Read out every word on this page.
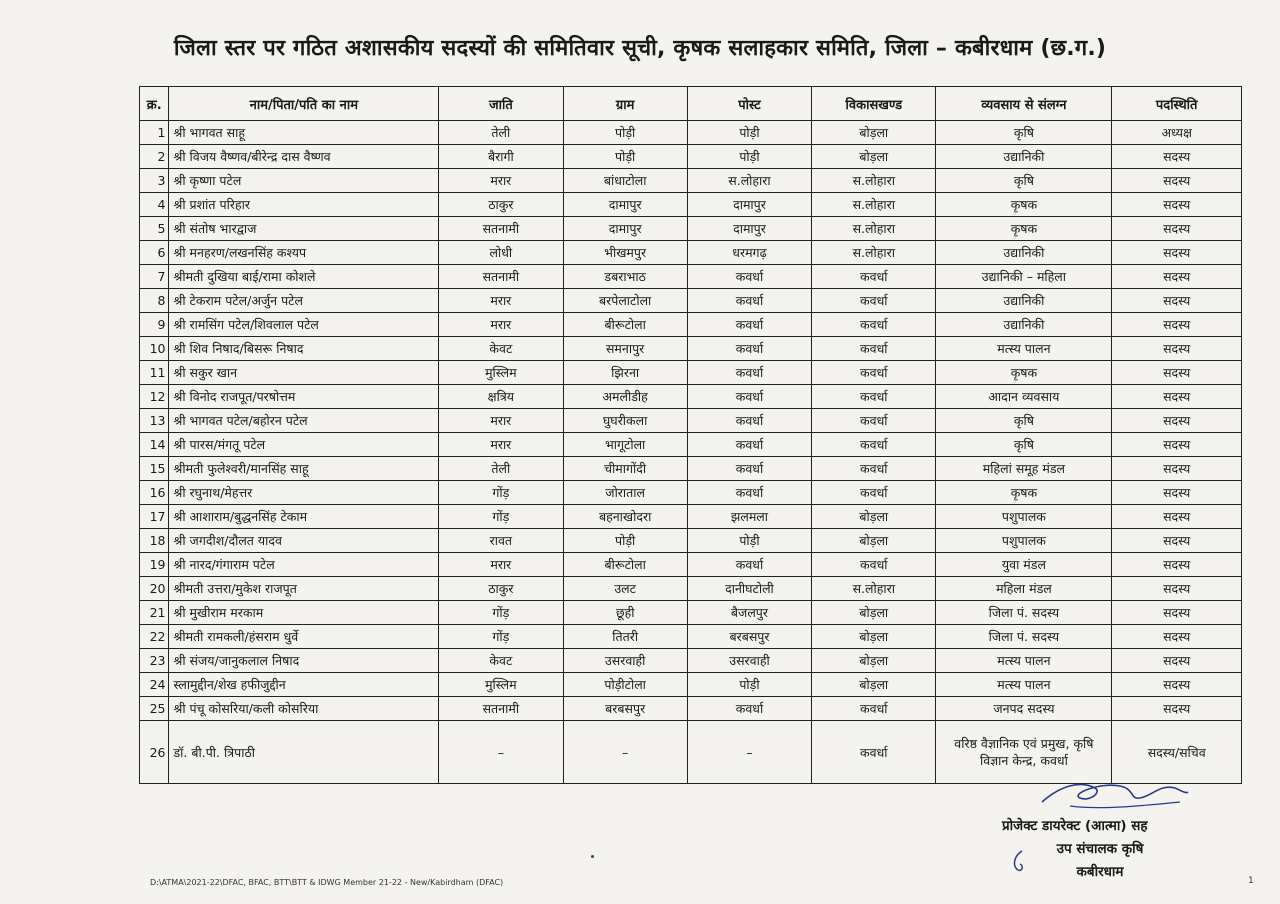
जिला स्तर पर गठित अशासकीय सदस्यों की समितिवार सूची, कृषक सलाहकार समिति, जिला – कबीरधाम (छ.ग.)
क्र.	नाम/पिता/पति का नाम	जाति	ग्राम	पोस्ट	विकासखण्ड	व्यवसाय से संलग्न	पदस्थिति
1	श्री भागवत साहू	तेली	पोड़ी	पोड़ी	बोड़ला	कृषि	अध्यक्ष
2	श्री विजय वैष्णव/बीरेन्द्र दास वैष्णव	बैरागी	पोड़ी	पोड़ी	बोड़ला	उद्यानिकी	सदस्य
3	श्री कृष्णा पटेल	मरार	बांधाटोला	स.लोहारा	स.लोहारा	कृषि	सदस्य
4	श्री प्रशांत परिहार	ठाकुर	दामापुर	दामापुर	स.लोहारा	कृषक	सदस्य
5	श्री संतोष भारद्वाज	सतनामी	दामापुर	दामापुर	स.लोहारा	कृषक	सदस्य
6	श्री मनहरण/लखनसिंह कश्यप	लोधी	भीखमपुर	धरमगढ़	स.लोहारा	उद्यानिकी	सदस्य
7	श्रीमती दुखिया बाई/रामा कोशले	सतनामी	डबराभाठ	कवर्धा	कवर्धा	उद्यानिकी – महिला	सदस्य
8	श्री टेकराम पटेल/अर्जुन पटेल	मरार	बरपेलाटोला	कवर्धा	कवर्धा	उद्यानिकी	सदस्य
9	श्री रामसिंग पटेल/शिवलाल पटेल	मरार	बीरूटोला	कवर्धा	कवर्धा	उद्यानिकी	सदस्य
10	श्री शिव निषाद/बिसरू निषाद	केवट	समनापुर	कवर्धा	कवर्धा	मत्स्य पालन	सदस्य
11	श्री सकुर खान	मुस्लिम	झिरना	कवर्धा	कवर्धा	कृषक	सदस्य
12	श्री विनोद राजपूत/परषोत्तम	क्षत्रिय	अमलीडीह	कवर्धा	कवर्धा	आदान व्यवसाय	सदस्य
13	श्री भागवत पटेल/बहोरन पटेल	मरार	घुघरीकला	कवर्धा	कवर्धा	कृषि	सदस्य
14	श्री पारस/मंगतू पटेल	मरार	भागूटोला	कवर्धा	कवर्धा	कृषि	सदस्य
15	श्रीमती फुलेश्वरी/मानसिंह साहू	तेली	चीमागोंदी	कवर्धा	कवर्धा	महिलां समूह मंडल	सदस्य
16	श्री रघुनाथ/मेहत्तर	गोंड़	जोराताल	कवर्धा	कवर्धा	कृषक	सदस्य
17	श्री आशाराम/बुद्धनसिंह टेकाम	गोंड़	बहनाखोदरा	झलमला	बोड़ला	पशुपालक	सदस्य
18	श्री जगदीश/दौलत यादव	रावत	पोड़ी	पोड़ी	बोड़ला	पशुपालक	सदस्य
19	श्री नारद/गंगाराम पटेल	मरार	बीरूटोला	कवर्धा	कवर्धा	युवा मंडल	सदस्य
20	श्रीमती उत्तरा/मुकेश राजपूत	ठाकुर	उलट	दानीघटोली	स.लोहारा	महिला मंडल	सदस्य
21	श्री मुखीराम मरकाम	गोंड़	छूही	बैजलपुर	बोड़ला	जिला पं. सदस्य	सदस्य
22	श्रीमती रामकली/हंसराम धुर्वे	गोंड़	तितरी	बरबसपुर	बोड़ला	जिला पं. सदस्य	सदस्य
23	श्री संजय/जानुकलाल निषाद	केवट	उसरवाही	उसरवाही	बोड़ला	मत्स्य पालन	सदस्य
24	स्लामुद्दीन/शेख हफीजुद्दीन	मुस्लिम	पोड़ीटोला	पोड़ी	बोड़ला	मत्स्य पालन	सदस्य
25	श्री पंचू कोसरिया/कली कोसरिया	सतनामी	बरबसपुर	कवर्धा	कवर्धा	जनपद सदस्य	सदस्य
26	डॉ. बी.पी. त्रिपाठी	–	–	–	कवर्धा	वरिष्ठ वैज्ञानिक एवं प्रमुख, कृषि विज्ञान केन्द्र, कवर्धा	सदस्य/सचिव
प्रोजेक्ट डायरेक्ट (आत्मा) सह
उप संचालक कृषि
कबीरधाम
D:\ATMA\2021-22\DFAC, BFAC, BTT\BTT & IDWG Member 21-22 - New/Kabirdham (DFAC)	1
